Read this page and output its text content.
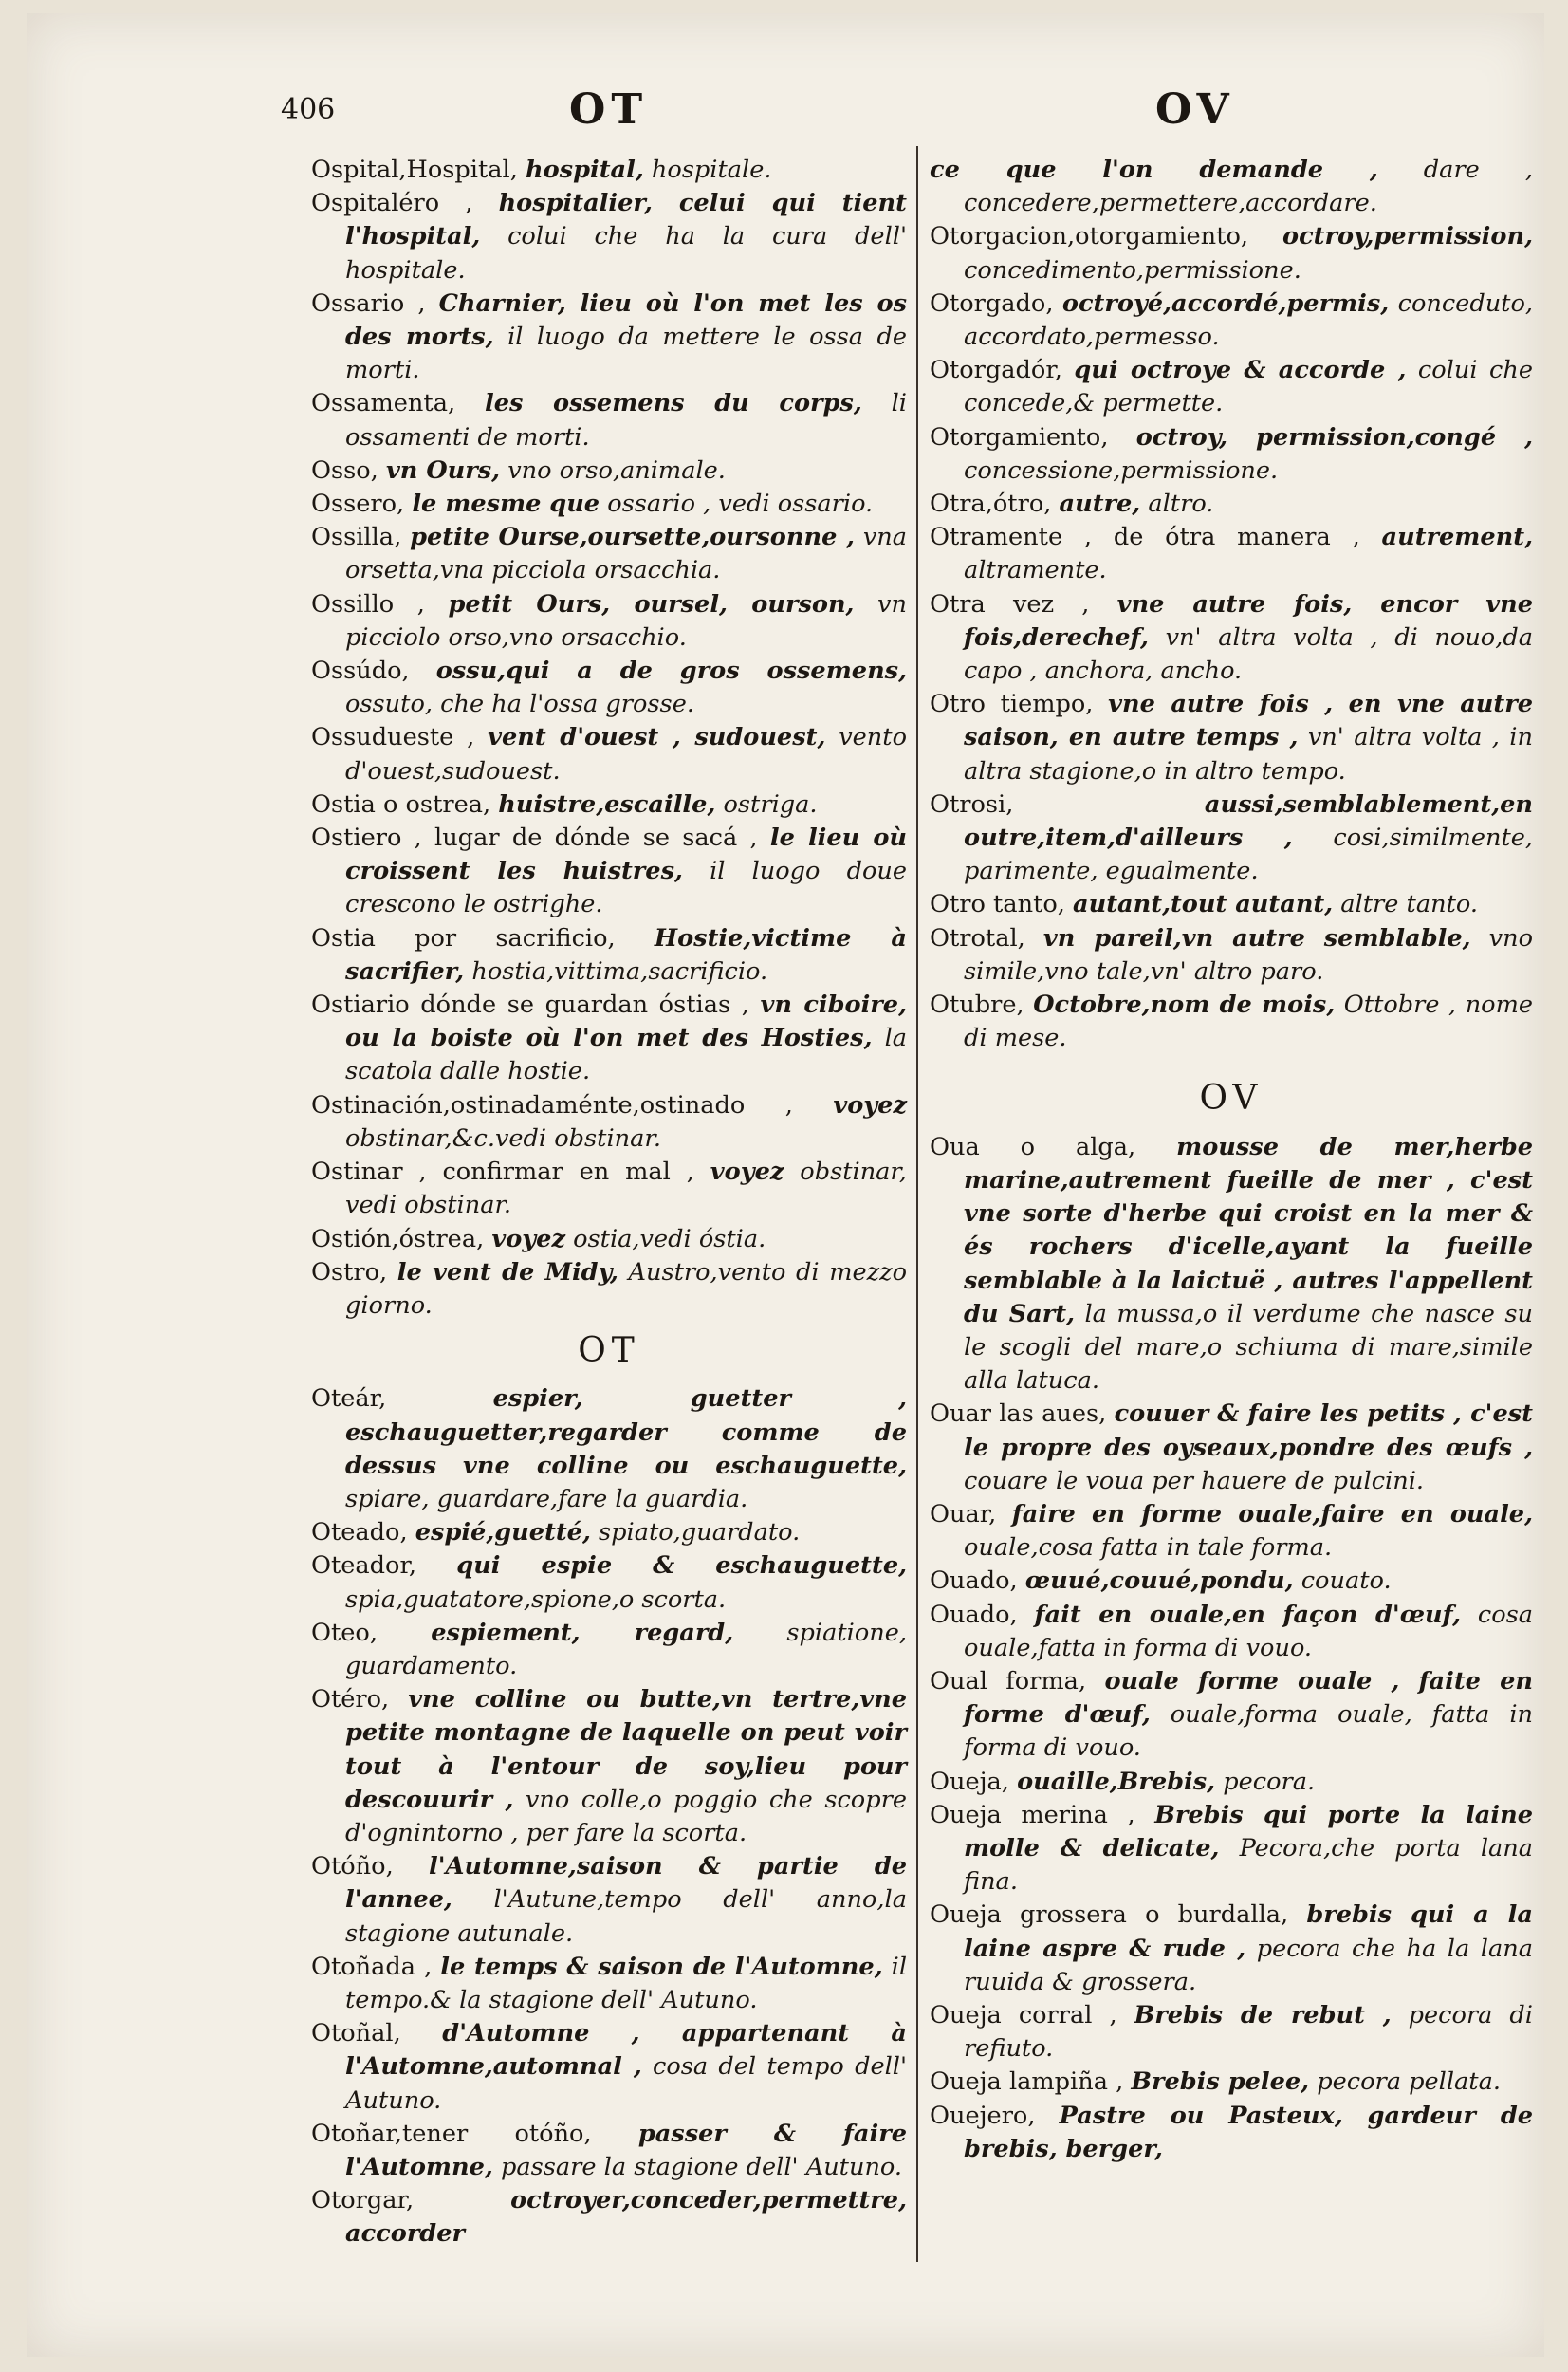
406	OT	OV

Ospital,Hospital, hospital, hospitale.

Ospitaléro , hospitalier, celui qui tient l'hospital, colui che ha la cura dell' hospitale.

Ossario , Charnier, lieu où l'on met les os des morts, il luogo da mettere le ossa de morti.

Ossamenta, les ossemens du corps, li ossamenti de morti.

Osso, vn Ours, vno orso,animale.

Ossero, le mesme que ossario , vedi ossario.

Ossilla, petite Ourse,oursette,oursonne , vna orsetta,vna picciola orsacchia.

Ossillo , petit Ours, oursel, ourson, vn picciolo orso,vno orsacchio.

Ossúdo, ossu,qui a de gros ossemens, ossuto, che ha l'ossa grosse.

Ossudueste , vent d'ouest , sudouest, vento d'ouest,sudouest.

Ostia o ostrea, huistre,escaille, ostriga.

Ostiero , lugar de dónde se sacá , le lieu où croissent les huistres, il luogo doue crescono le ostrighe.

Ostia por sacrificio, Hostie,victime à sacrifier, hostia,vittima,sacrificio.

Ostiario dónde se guardan óstias , vn ciboire, ou la boiste où l'on met des Hosties, la scatola dalle hostie.

Ostinación,ostinadaménte,ostinado , voyez obstinar,&c.vedi obstinar.

Ostinar , confirmar en mal , voyez obstinar, vedi obstinar.

Ostión,óstrea, voyez ostia,vedi óstia.

Ostro, le vent de Midy, Austro,vento di mezzo giorno.

OT

Oteár, espier, guetter , eschauguetter,regarder comme de dessus vne colline ou eschauguette, spiare, guardare,fare la guardia.

Oteado, espié,guetté, spiato,guardato.

Oteador, qui espie & eschauguette, spia,guatatore,spione,o scorta.

Oteo, espiement, regard, spiatione, guardamento.

Otéro, vne colline ou butte,vn tertre,vne petite montagne de laquelle on peut voir tout à l'entour de soy,lieu pour descouurir , vno colle,o poggio che scopre d'ognintorno , per fare la scorta.

Otóño, l'Automne,saison & partie de l'annee, l'Autune,tempo dell' anno,la stagione autunale.

Otoñada , le temps & saison de l'Automne, il tempo.& la stagione dell' Autuno.

Otoñal, d'Automne , appartenant à l'Automne,automnal , cosa del tempo dell' Autuno.

Otoñar,tener otóño, passer & faire l'Automne, passare la stagione dell' Autuno.

Otorgar,	octroyer,conceder,permettre, accorder

ce que l'on demande , dare , concedere,permettere,accordare.

Otorgacion,otorgamiento, octroy,permission, concedimento,permissione.

Otorgado, octroyé,accordé,permis, conceduto, accordato,permesso.

Otorgadór, qui octroye & accorde , colui che concede,& permette.

Otorgamiento, octroy, permission,congé , concessione,permissione.

Otra,ótro, autre, altro.

Otramente , de ótra manera , autrement, altramente.

Otra vez , vne autre fois, encor vne fois,derechef, vn' altra volta , di nouo,da capo , anchora, ancho.

Otro tiempo, vne autre fois , en vne autre saison, en autre temps , vn' altra volta , in altra stagione,o in altro tempo.

Otrosi,	aussi,semblablement,en outre,item,d'ailleurs , cosi,similmente, parimente, egualmente.

Otro tanto, autant,tout autant, altre tanto.

Otrotal, vn pareil,vn autre semblable, vno simile,vno tale,vn' altro paro.

Otubre, Octobre,nom de mois, Ottobre , nome di mese.

OV

Oua o alga, mousse de mer,herbe marine,autrement fueille de mer , c'est vne sorte d'herbe qui croist en la mer & és rochers d'icelle,ayant la fueille semblable à la laictuë , autres l'appellent du Sart, la mussa,o il verdume che nasce su le scogli del mare,o schiuma di mare,simile alla latuca.

Ouar las aues, couuer & faire les petits , c'est le propre des oyseaux,pondre des œufs , couare le voua per hauere de pulcini.

Ouar, faire en forme ouale,faire en ouale, ouale,cosa fatta in tale forma.

Ouado, œuué,couué,pondu, couato.

Ouado, fait en ouale,en façon d'œuf, cosa ouale,fatta in forma di vouo.

Oual forma, ouale forme ouale , faite en forme d'œuf, ouale,forma ouale, fatta in forma di vouo.

Oueja, ouaille,Brebis, pecora.

Oueja merina , Brebis qui porte la laine molle & delicate, Pecora,che porta lana fina.

Oueja grossera o burdalla, brebis qui a la laine aspre & rude , pecora che ha la lana ruuida & grossera.

Oueja corral , Brebis de rebut , pecora di refiuto.

Oueja lampiña , Brebis pelee, pecora pellata.

Ouejero, Pastre ou Pasteux, gardeur de brebis, berger,
